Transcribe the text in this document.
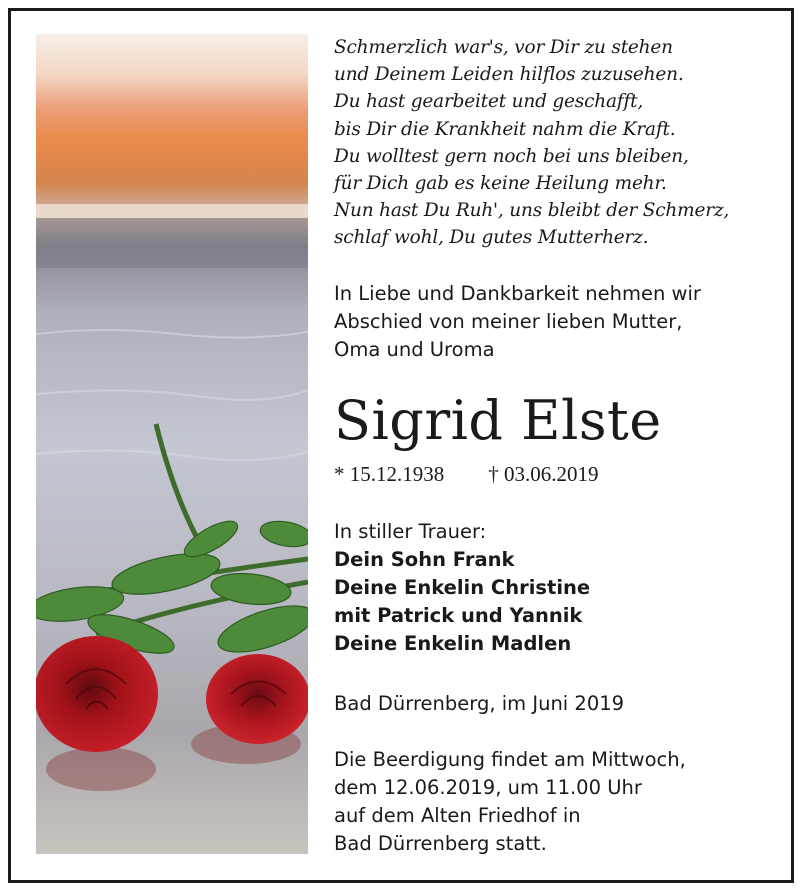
Schmerzlich war's, vor Dir zu stehen
und Deinem Leiden hilflos zuzusehen.
Du hast gearbeitet und geschafft,
bis Dir die Krankheit nahm die Kraft.
Du wolltest gern noch bei uns bleiben,
für Dich gab es keine Heilung mehr.
Nun hast Du Ruh', uns bleibt der Schmerz,
schlaf wohl, Du gutes Mutterherz.
In Liebe und Dankbarkeit nehmen wir
Abschied von meiner lieben Mutter,
Oma und Uroma
Sigrid Elste
* 15.12.1938 † 03.06.2019
In stiller Trauer:
Dein Sohn Frank
Deine Enkelin Christine
mit Patrick und Yannik
Deine Enkelin Madlen
Bad Dürrenberg, im Juni 2019
Die Beerdigung findet am Mittwoch,
dem 12.06.2019, um 11.00 Uhr
auf dem Alten Friedhof in
Bad Dürrenberg statt.
